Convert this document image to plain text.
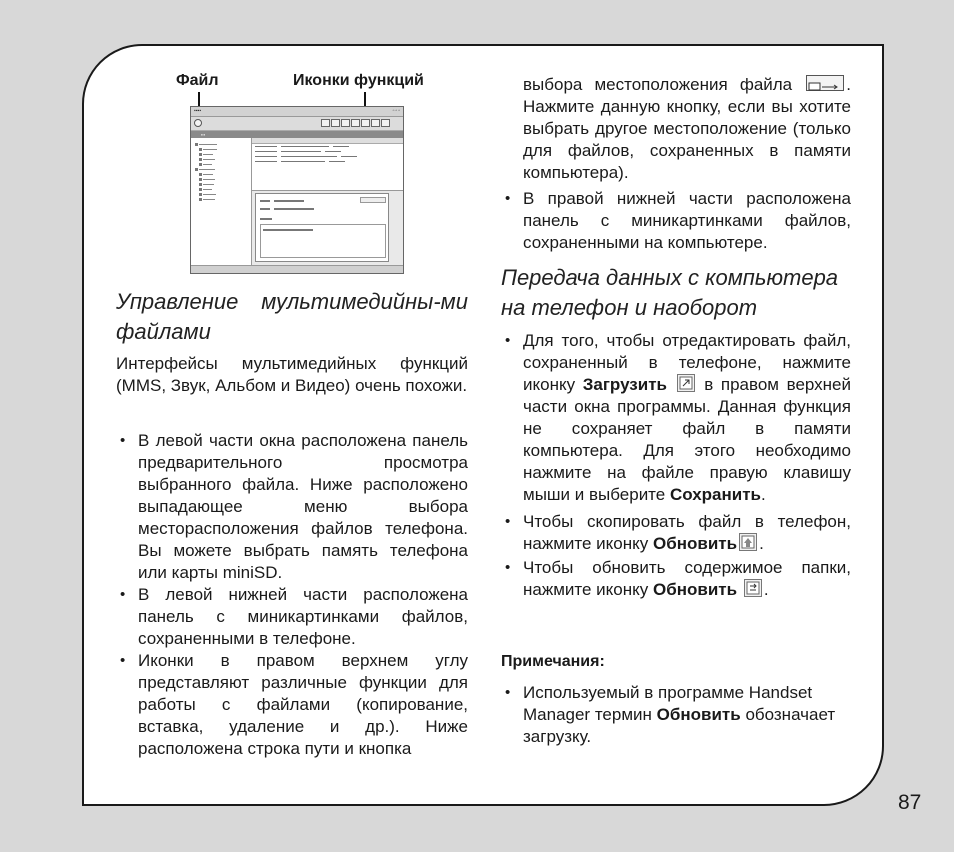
Файл	Иконки функций
▪▪▪▪	▫▫▫
▪▪▪
Управление мультимедийны-ми файлами

Интерфейсы мультимедийных функций (MMS, Звук, Альбом и Видео) очень похожи.

• В левой части окна расположена панель предварительного просмотра выбранного файла. Ниже расположено выпадающее меню выбора месторасположения файлов телефона. Вы можете выбрать память телефона или карты miniSD.
• В левой нижней части расположена панель с миникартинками файлов, сохраненными в телефоне.
• Иконки в правом верхнем углу представляют различные функции для работы с файлами (копирование, вставка, удаление и др.). Ниже расположена строка пути и кнопка

выбора местоположения файла	. Нажмите данную кнопку, если вы хотите выбрать другое местоположение (только для файлов, сохраненных в памяти компьютера).

• В правой нижней части расположена панель с миникартинками файлов, сохраненными на компьютере.
Передача данных с компьютера на телефон и наоборот
• Для того, чтобы отредактировать файл, сохраненный в телефоне, нажмите иконку Загрузить в правом верхней части окна программы. Данная функция не сохраняет файл в памяти компьютера. Для этого необходимо нажмите на файле правую клавишу мыши и выберите Сохранить.
• Чтобы скопировать файл в телефон, нажмите иконку Обновить .
• Чтобы обновить содержимое папки, нажмите иконку Обновить .
Примечания:
• Используемый в программе Handset Manager термин Обновить обозначает загрузку.
87
